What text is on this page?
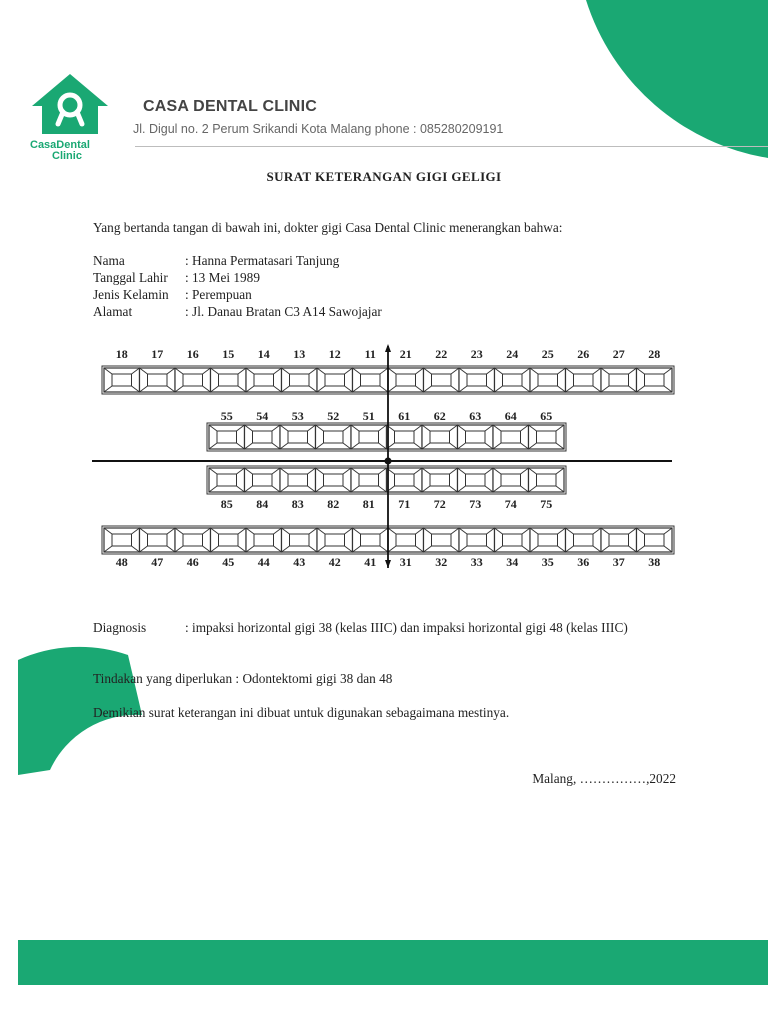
CasaDental
Clinic
CASA DENTAL CLINIC
Jl. Digul no. 2 Perum Srikandi Kota Malang phone : 085280209191
SURAT KETERANGAN GIGI GELIGI
Yang bertanda tangan di bawah ini, dokter gigi Casa Dental Clinic menerangkan bahwa:
Nama	: Hanna Permatasari Tanjung
Tanggal Lahir : 13 Mei 1989
Jenis Kelamin : Perempuan
Alamat	: Jl. Danau Bratan C3 A14 Sawojajar
18 17 16 15 14 13 12 11 21 22 23 24 25 26 27 28
55 54 53 52 51 61 62 63 64 65
85 84 83 82 81 71 72 73 74 75
48 47 46 45 44 43 42 41 31 32 33 34 35 36 37 38
Diagnosis	: impaksi horizontal gigi 38 (kelas IIIC) dan impaksi horizontal gigi 48 (kelas IIIC)
Tindakan yang diperlukan : Odontektomi gigi 38 dan 48
Demikian surat keterangan ini dibuat untuk digunakan sebagaimana mestinya.
Malang, ……………,2022
